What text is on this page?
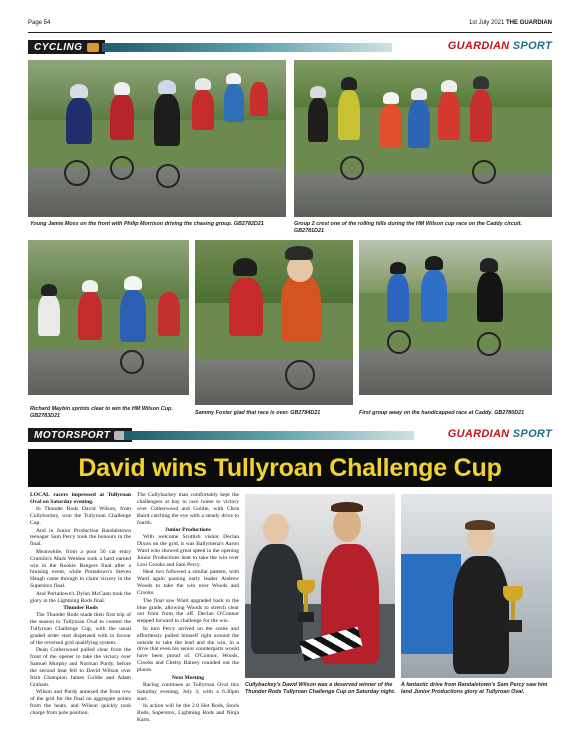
Page 54	1st July 2021 THE GUARDIAN
CYCLING	GUARDIAN SPORT
Young Jamie Moss on the front with Philip Morrison driving the chasing group. GB2782D21	Group 2 crest one of the rolling hills during the HM Wilson cup race on the Caddy circuit. GB2781D21
Richard Maybin sprints clear to win the HM Wilson Cup. GB2783D21	Sammy Foster glad that race is over. GB2784D21	First group away on the handicapped race at Caddy. GB2780D21
MOTORSPORT	GUARDIAN SPORT
David wins Tullyroan Challenge Cup

LOCAL racers impressed at Tullyroan Oval on Saturday evening.

In Thunder Rods David Wilson, from Cullybackey, won the Tullyroan Challenge Cup.

And in Junior Production Randalstown teenager Sam Percy took the honours in the final.

Meanwhile, from a poor 50 car entry Crumlin's Mark Weldon took a hard earned win in the Rookie Bangers final after a bruising event, while Portadown's Steven Haugh came through to claim victory in the Superstox final.

And Portadown's Dylan McCann took the glory in the Lightning Rods final.

Thunder Rods

The Thunder Rods made their first trip of the season to Tullyroan Oval to contest the Tullyroan Challenge Cup, with the usual graded order start dispensed with in favour of the reversed grid qualifying system.

Dean Cotherwood pulled clear from the front of the opener to take the victory over Samuel Murphy and Norman Purdy, before the second heat fell to David Wilson over Irish Champion James Goldie and Adam Graham.

Wilson and Purdy annexed the front row of the grid for the final on aggregate points from the heats, and Wilson quickly took charge from pole position.

The Cullybackey man comfortably kept the challengers at bay to race home to victory over Cotherwood and Goldie, with Chris Baird catching the eye with a steady drive to fourth.

Junior Productions

With welcome Scottish visitor Declan Dixon on the grid, it was Ballymena's Aaron Ward who showed great speed in the opening Junior Productions heat to take the win over Lexi Crooks and Sam Percy.

Heat two followed a similar pattern, with Ward again passing early leader Andrew Woods to take the win over Woods and Crooks.

The final saw Ward upgraded back to the blue grade, allowing Woods to stretch clear out front from the off. Declan O'Connor stepped forward to challenge for the win.

In turn Percy arrived on the scene and effortlessly pulled himself right around the outside to take the lead and the win, in a drive that even his senior counterparts would have been proud of. O'Connor, Woods, Crooks and Chelsy Rainey rounded out the places.

Next Meeting

Racing continues at Tullyroan Oval this Saturday evening, July 3, with a 6.30pm start.

In action will be the 2.0 Hot Rods, Stock Rods, Superstox, Lightning Rods and Ninja Karts.

Cullybackey's David Wilson was a deserved winner of the Thunder Rods Tullyroan Challenge Cup on Saturday night.
A fantastic drive from Randalstown's Sam Percy saw him land Junior Productions glory at Tullyroan Oval.
